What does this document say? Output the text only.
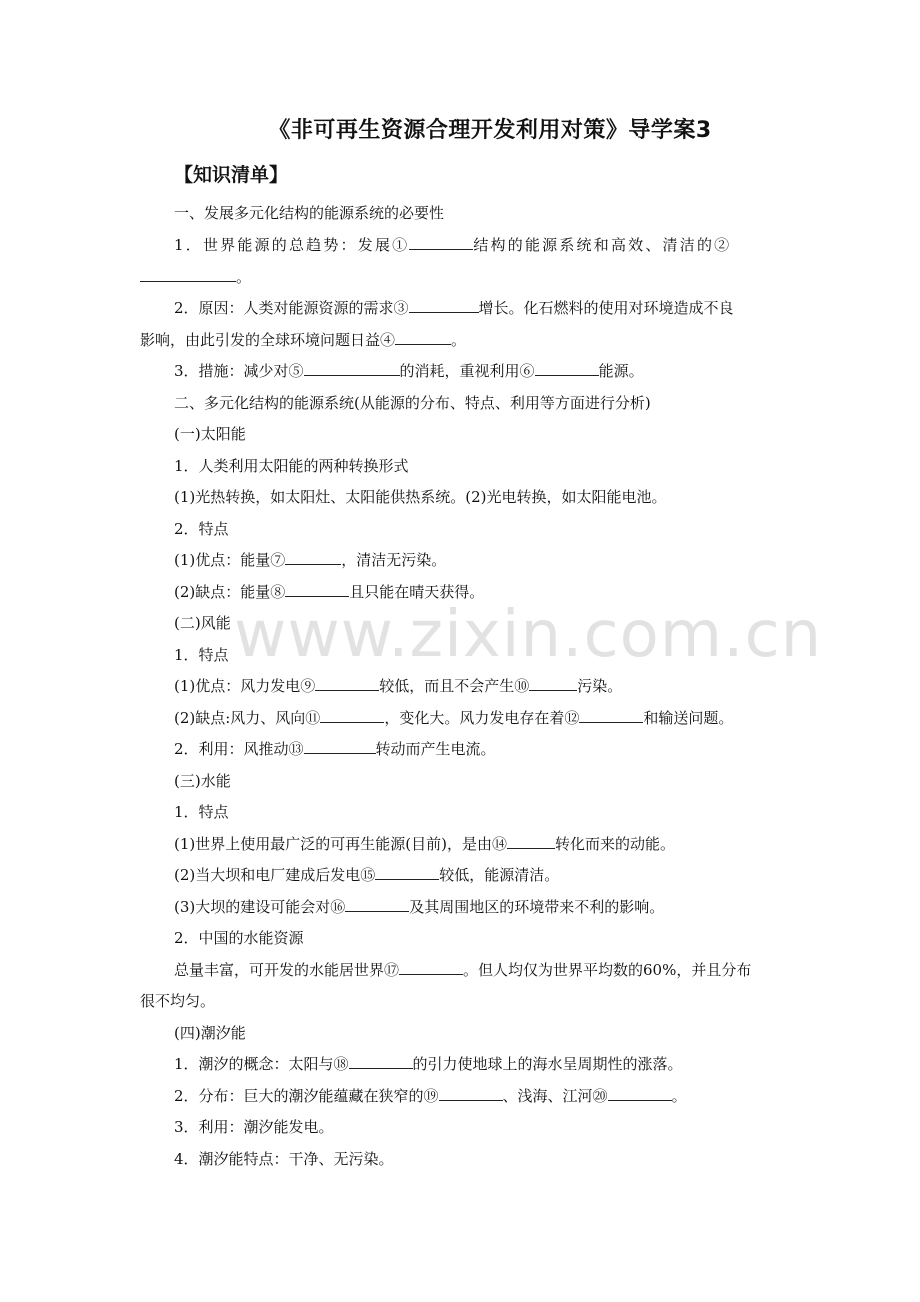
《非可再生资源合理开发利用对策》导学案3
【知识清单】
www.zixin.com.cn
一、发展多元化结构的能源系统的必要性
1．世界能源的总趋势：发展①	结构的能源系统和高效、清洁的②
。
2．原因：人类对能源资源的需求③	增长。化石燃料的使用对环境造成不良
影响，由此引发的全球环境问题日益④	。
3．措施：减少对⑤	的消耗，重视利用⑥	能源。
二、多元化结构的能源系统(从能源的分布、特点、利用等方面进行分析)
(一)太阳能
1．人类利用太阳能的两种转换形式
(1)光热转换，如太阳灶、太阳能供热系统。(2)光电转换，如太阳能电池。
2．特点
(1)优点：能量⑦	，清洁无污染。
(2)缺点：能量⑧	且只能在晴天获得。
(二)风能
1．特点
(1)优点：风力发电⑨	较低，而且不会产生⑩	污染。
(2)缺点:风力、风向⑪	，变化大。风力发电存在着⑫	和输送问题。
2．利用：风推动⑬	转动而产生电流。
(三)水能
1．特点
(1)世界上使用最广泛的可再生能源(目前)，是由⑭	转化而来的动能。
(2)当大坝和电厂建成后发电⑮	较低，能源清洁。
(3)大坝的建设可能会对⑯	及其周围地区的环境带来不利的影响。
2．中国的水能资源
总量丰富，可开发的水能居世界⑰	。但人均仅为世界平均数的60%，并且分布
很不均匀。
(四)潮汐能
1．潮汐的概念：太阳与⑱	的引力使地球上的海水呈周期性的涨落。
2．分布：巨大的潮汐能蕴藏在狭窄的⑲	、浅海、江河⑳	。
3．利用：潮汐能发电。
4．潮汐能特点：干净、无污染。
